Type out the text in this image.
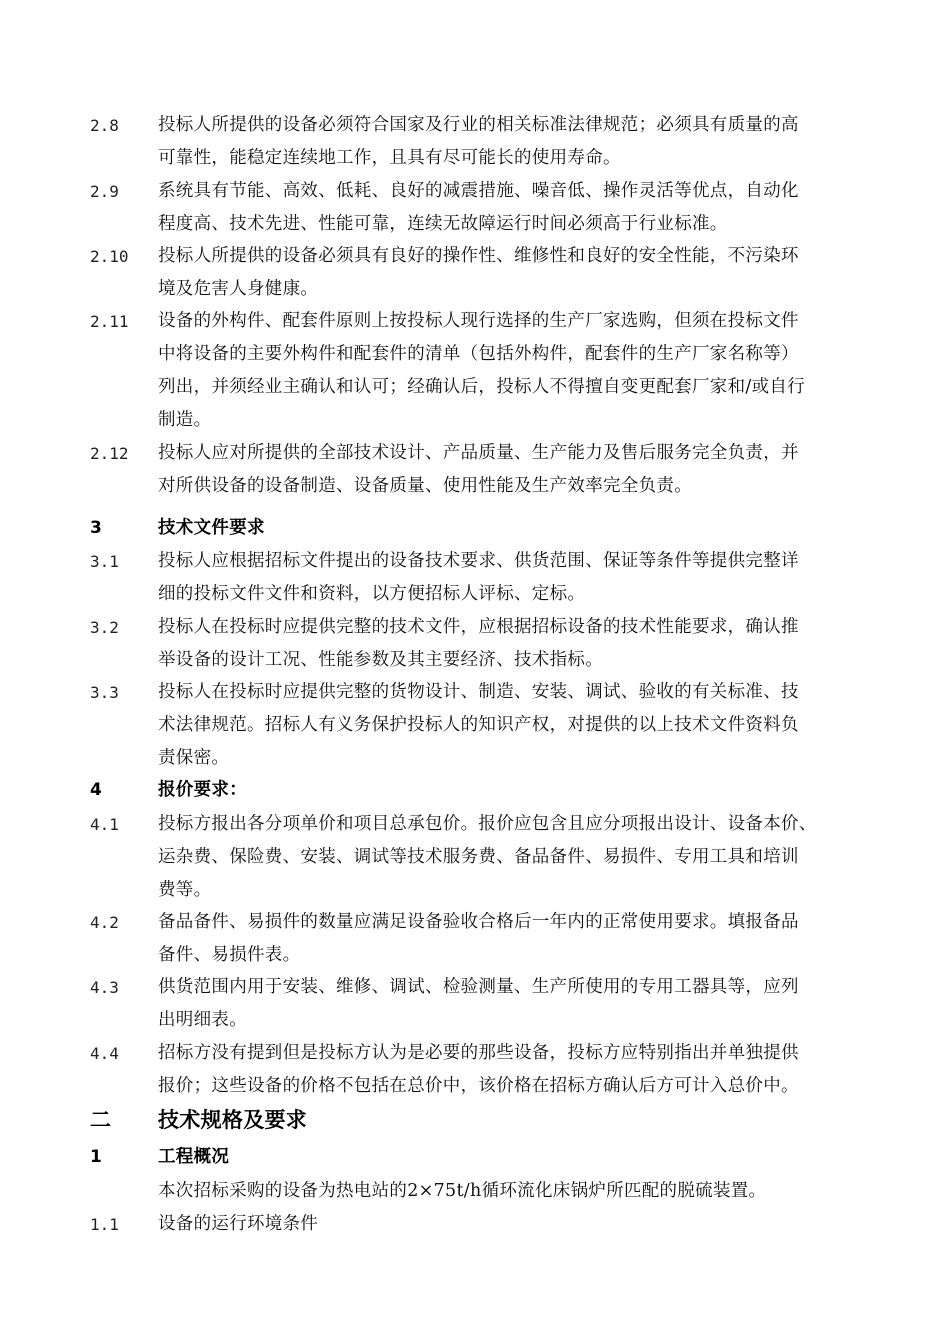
2.8	投标人所提供的设备必须符合国家及行业的相关标准法律规范；必须具有质量的高
可靠性，能稳定连续地工作，且具有尽可能长的使用寿命。
2.9	系统具有节能、高效、低耗、良好的减震措施、噪音低、操作灵活等优点，自动化
程度高、技术先进、性能可靠，连续无故障运行时间必须高于行业标准。
2.10	投标人所提供的设备必须具有良好的操作性、维修性和良好的安全性能，不污染环
境及危害人身健康。
2.11	设备的外构件、配套件原则上按投标人现行选择的生产厂家选购，但须在投标文件
中将设备的主要外构件和配套件的清单（包括外构件，配套件的生产厂家名称等）
列出，并须经业主确认和认可；经确认后，投标人不得擅自变更配套厂家和/或自行
制造。
2.12	投标人应对所提供的全部技术设计、产品质量、生产能力及售后服务完全负责，并
对所供设备的设备制造、设备质量、使用性能及生产效率完全负责。
3	技术文件要求
3.1	投标人应根据招标文件提出的设备技术要求、供货范围、保证等条件等提供完整详
细的投标文件文件和资料，以方便招标人评标、定标。
3.2	投标人在投标时应提供完整的技术文件，应根据招标设备的技术性能要求，确认推
举设备的设计工况、性能参数及其主要经济、技术指标。
3.3	投标人在投标时应提供完整的货物设计、制造、安装、调试、验收的有关标准、技
术法律规范。招标人有义务保护投标人的知识产权，对提供的以上技术文件资料负
责保密。
4	报价要求：
4.1	投标方报出各分项单价和项目总承包价。报价应包含且应分项报出设计、设备本价、
运杂费、保险费、安装、调试等技术服务费、备品备件、易损件、专用工具和培训
费等。
4.2	备品备件、易损件的数量应满足设备验收合格后一年内的正常使用要求。填报备品
备件、易损件表。
4.3	供货范围内用于安装、维修、调试、检验测量、生产所使用的专用工器具等，应列
出明细表。
4.4	招标方没有提到但是投标方认为是必要的那些设备，投标方应特别指出并单独提供
报价；这些设备的价格不包括在总价中，该价格在招标方确认后方可计入总价中。
二	技术规格及要求
1	工程概况
本次招标采购的设备为热电站的2×75t/h循环流化床锅炉所匹配的脱硫装置。
1.1	设备的运行环境条件
